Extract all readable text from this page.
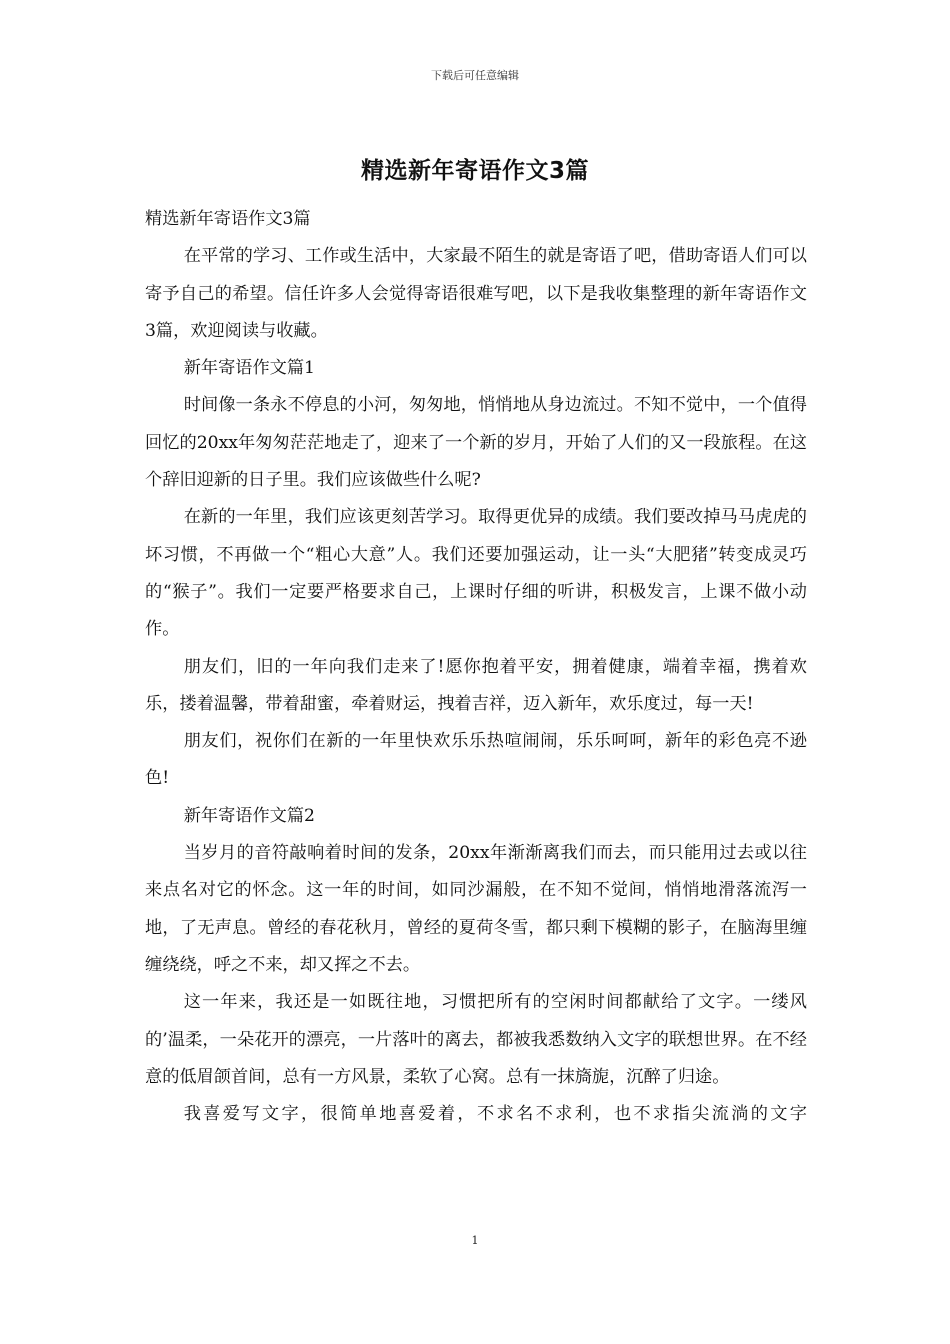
下载后可任意编辑
精选新年寄语作文3篇

精选新年寄语作文3篇

在平常的学习、工作或生活中，大家最不陌生的就是寄语了吧，借助寄语人们可以寄予自己的希望。信任许多人会觉得寄语很难写吧，以下是我收集整理的新年寄语作文3篇，欢迎阅读与收藏。

新年寄语作文篇1

时间像一条永不停息的小河，匆匆地，悄悄地从身边流过。不知不觉中，一个值得回忆的20xx年匆匆茫茫地走了，迎来了一个新的岁月，开始了人们的又一段旅程。在这个辞旧迎新的日子里。我们应该做些什么呢?

在新的一年里，我们应该更刻苦学习。取得更优异的成绩。我们要改掉马马虎虎的坏习惯，不再做一个“粗心大意”人。我们还要加强运动，让一头“大肥猪”转变成灵巧的“猴子”。我们一定要严格要求自己，上课时仔细的听讲，积极发言，上课不做小动作。

朋友们，旧的一年向我们走来了!愿你抱着平安，拥着健康，端着幸福，携着欢乐，搂着温馨，带着甜蜜，牵着财运，拽着吉祥，迈入新年，欢乐度过，每一天!

朋友们，祝你们在新的一年里快欢乐乐热喧闹闹，乐乐呵呵，新年的彩色亮不逊色!

新年寄语作文篇2

当岁月的音符敲响着时间的发条，20xx年渐渐离我们而去，而只能用过去或以往来点名对它的怀念。这一年的时间，如同沙漏般，在不知不觉间，悄悄地滑落流泻一地，了无声息。曾经的春花秋月，曾经的夏荷冬雪，都只剩下模糊的影子，在脑海里缠缠绕绕，呼之不来，却又挥之不去。

这一年来，我还是一如既往地，习惯把所有的空闲时间都献给了文字。一缕风的’温柔，一朵花开的漂亮，一片落叶的离去，都被我悉数纳入文字的联想世界。在不经意的低眉颌首间，总有一方风景，柔软了心窝。总有一抹旖旎，沉醉了归途。

我喜爱写文字，很简单地喜爱着，不求名不求利，也不求指尖流淌的文字

1
